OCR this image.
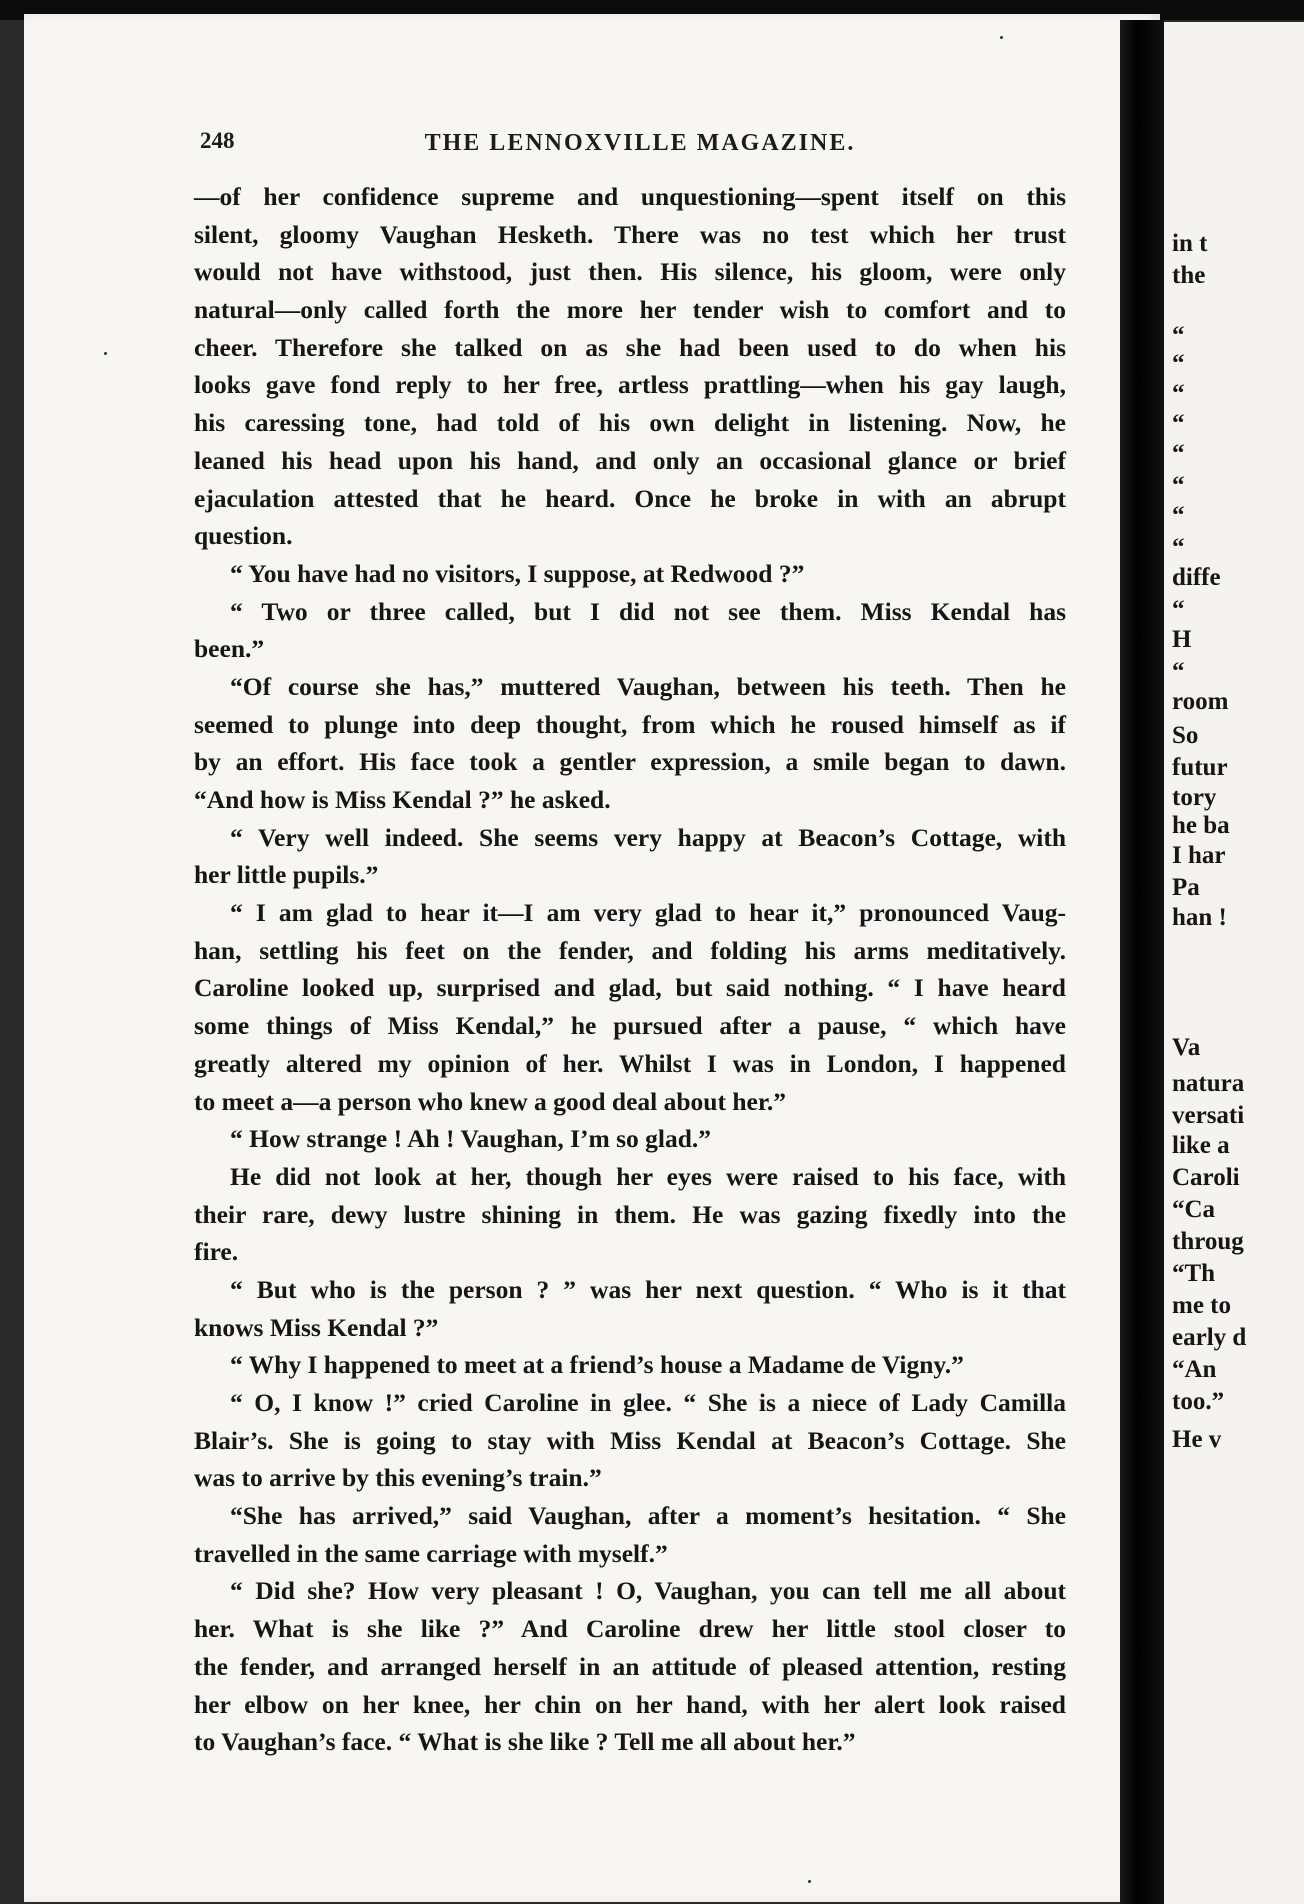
248	THE LENNOXVILLE MAGAZINE.
—of her confidence supreme and unquestioning—spent itself on this
silent, gloomy Vaughan Hesketh. There was no test which her trust
would not have withstood, just then. His silence, his gloom, were only
natural—only called forth the more her tender wish to comfort and to
cheer. Therefore she talked on as she had been used to do when his
looks gave fond reply to her free, artless prattling—when his gay laugh,
his caressing tone, had told of his own delight in listening. Now, he
leaned his head upon his hand, and only an occasional glance or brief
ejaculation attested that he heard. Once he broke in with an abrupt
question.
“ You have had no visitors, I suppose, at Redwood ?”
“ Two or three called, but I did not see them. Miss Kendal has
been.”
“Of course she has,” muttered Vaughan, between his teeth. Then he
seemed to plunge into deep thought, from which he roused himself as if
by an effort. His face took a gentler expression, a smile began to dawn.
“And how is Miss Kendal ?” he asked.
“ Very well indeed. She seems very happy at Beacon’s Cottage, with
her little pupils.”
“ I am glad to hear it—I am very glad to hear it,” pronounced Vaug-
han, settling his feet on the fender, and folding his arms meditatively.
Caroline looked up, surprised and glad, but said nothing. “ I have heard
some things of Miss Kendal,” he pursued after a pause, “ which have
greatly altered my opinion of her. Whilst I was in London, I happened
to meet a—a person who knew a good deal about her.”
“ How strange ! Ah ! Vaughan, I’m so glad.”
He did not look at her, though her eyes were raised to his face, with
their rare, dewy lustre shining in them. He was gazing fixedly into the
fire.
“ But who is the person ? ” was her next question. “ Who is it that
knows Miss Kendal ?”
“ Why I happened to meet at a friend’s house a Madame de Vigny.”
“ O, I know !” cried Caroline in glee. “ She is a niece of Lady Camilla
Blair’s. She is going to stay with Miss Kendal at Beacon’s Cottage. She
was to arrive by this evening’s train.”
“She has arrived,” said Vaughan, after a moment’s hesitation. “ She
travelled in the same carriage with myself.”
“ Did she? How very pleasant ! O, Vaughan, you can tell me all about
her. What is she like ?” And Caroline drew her little stool closer to
the fender, and arranged herself in an attitude of pleased attention, resting
her elbow on her knee, her chin on her hand, with her alert look raised
to Vaughan’s face. “ What is she like ? Tell me all about her.”
in t
the
“
“
“
“
“
“
“
“
diffe
“
H
“
room
So
futur
tory
he ba
I har
Pa
han !
Va
natura
versati
like a
Caroli
“Ca
throug
“Th
me to
early d
“An
too.”
He v
